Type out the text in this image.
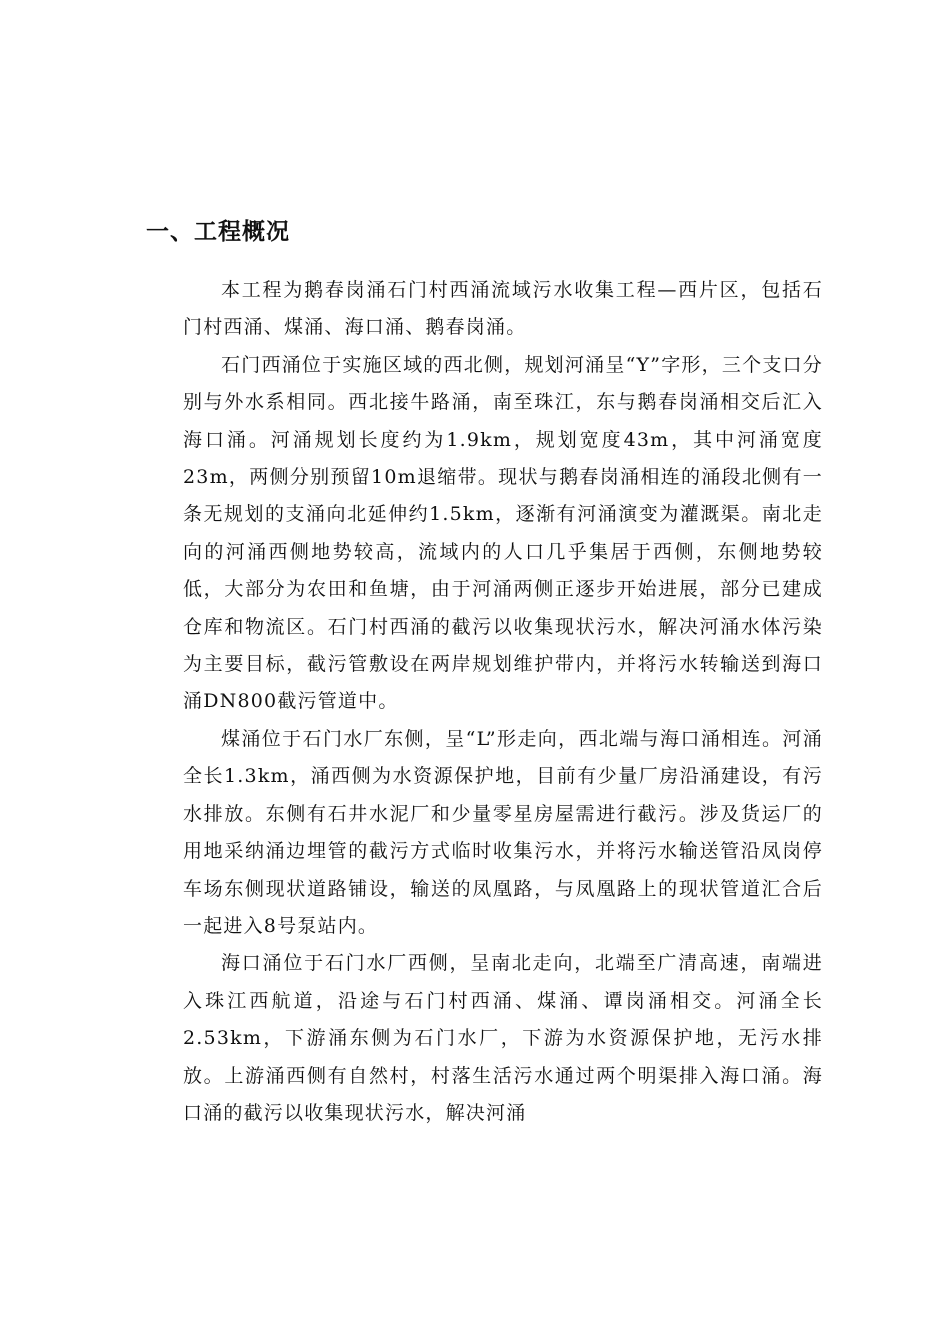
一、工程概况

本工程为鹅春岗涌石门村西涌流域污水收集工程—西片区，包括石门村西涌、煤涌、海口涌、鹅春岗涌。

石门西涌位于实施区域的西北侧，规划河涌呈“Y”字形，三个支口分别与外水系相同。西北接牛路涌，南至珠江，东与鹅春岗涌相交后汇入海口涌。河涌规划长度约为1.9km，规划宽度43m，其中河涌宽度23m，两侧分别预留10m退缩带。现状与鹅春岗涌相连的涌段北侧有一条无规划的支涌向北延伸约1.5km，逐渐有河涌演变为灌溉渠。南北走向的河涌西侧地势较高，流域内的人口几乎集居于西侧，东侧地势较低，大部分为农田和鱼塘，由于河涌两侧正逐步开始进展，部分已建成仓库和物流区。石门村西涌的截污以收集现状污水，解决河涌水体污染为主要目标，截污管敷设在两岸规划维护带内，并将污水转输送到海口涌DN800截污管道中。

煤涌位于石门水厂东侧，呈“L”形走向，西北端与海口涌相连。河涌全长1.3km，涌西侧为水资源保护地，目前有少量厂房沿涌建设，有污水排放。东侧有石井水泥厂和少量零星房屋需进行截污。涉及货运厂的用地采纳涌边埋管的截污方式临时收集污水，并将污水输送管沿凤岗停车场东侧现状道路铺设，输送的凤凰路，与凤凰路上的现状管道汇合后一起进入8号泵站内。

海口涌位于石门水厂西侧，呈南北走向，北端至广清高速，南端进入珠江西航道，沿途与石门村西涌、煤涌、谭岗涌相交。河涌全长2.53km，下游涌东侧为石门水厂，下游为水资源保护地，无污水排放。上游涌西侧有自然村，村落生活污水通过两个明渠排入海口涌。海口涌的截污以收集现状污水，解决河涌
